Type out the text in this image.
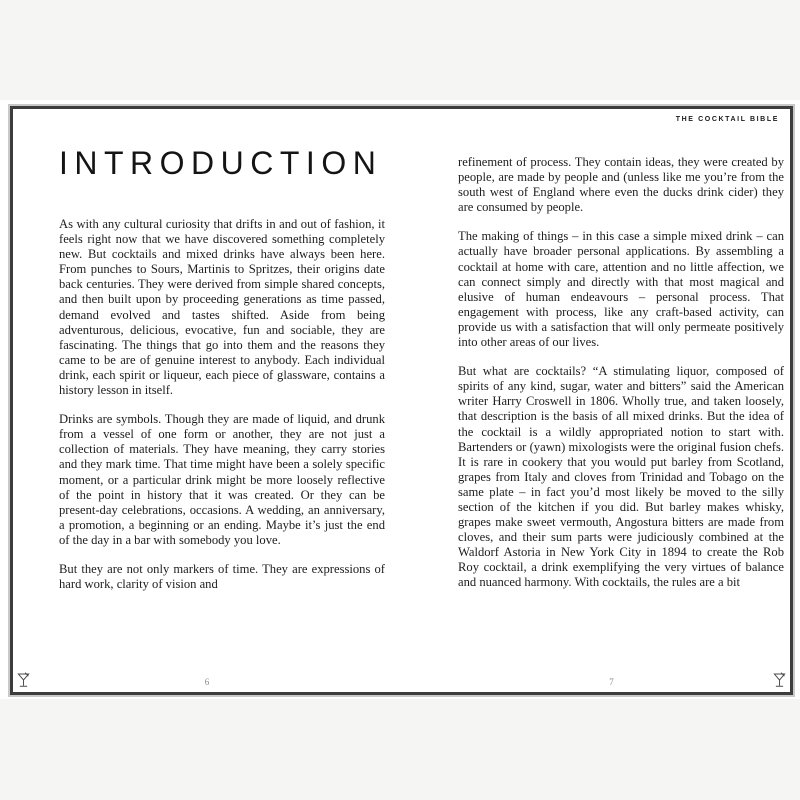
THE COCKTAIL BIBLE
INTRODUCTION

As with any cultural curiosity that drifts in and out of fashion, it feels right now that we have discovered something completely new. But cocktails and mixed drinks have always been here. From punches to Sours, Martinis to Spritzes, their origins date back centuries. They were derived from simple shared concepts, and then built upon by proceeding generations as time passed, demand evolved and tastes shifted. Aside from being adventurous, delicious, evocative, fun and sociable, they are fascinating. The things that go into them and the reasons they came to be are of genuine interest to anybody. Each individual drink, each spirit or liqueur, each piece of glassware, contains a history lesson in itself.

Drinks are symbols. Though they are made of liquid, and drunk from a vessel of one form or another, they are not just a collection of materials. They have meaning, they carry stories and they mark time. That time might have been a solely specific moment, or a particular drink might be more loosely reflective of the point in history that it was created. Or they can be present-day celebrations, occasions. A wedding, an anniversary, a promotion, a beginning or an ending. Maybe it’s just the end of the day in a bar with somebody you love.

But they are not only markers of time. They are expressions of hard work, clarity of vision and

6

refinement of process. They contain ideas, they were created by people, are made by people and (unless like me you’re from the south west of England where even the ducks drink cider) they are consumed by people.

The making of things – in this case a simple mixed drink – can actually have broader personal applications. By assembling a cocktail at home with care, attention and no little affection, we can connect simply and directly with that most magical and elusive of human endeavours – personal process. That engagement with process, like any craft-based activity, can provide us with a satisfaction that will only permeate positively into other areas of our lives.

But what are cocktails? “A stimulating liquor, composed of spirits of any kind, sugar, water and bitters” said the American writer Harry Croswell in 1806. Wholly true, and taken loosely, that description is the basis of all mixed drinks. But the idea of the cocktail is a wildly appropriated notion to start with. Bartenders or (yawn) mixologists were the original fusion chefs. It is rare in cookery that you would put barley from Scotland, grapes from Italy and cloves from Trinidad and Tobago on the same plate – in fact you’d most likely be moved to the silly section of the kitchen if you did. But barley makes whisky, grapes make sweet vermouth, Angostura bitters are made from cloves, and their sum parts were judiciously combined at the Waldorf Astoria in New York City in 1894 to create the Rob Roy cocktail, a drink exemplifying the very virtues of balance and nuanced harmony. With cocktails, the rules are a bit

7
